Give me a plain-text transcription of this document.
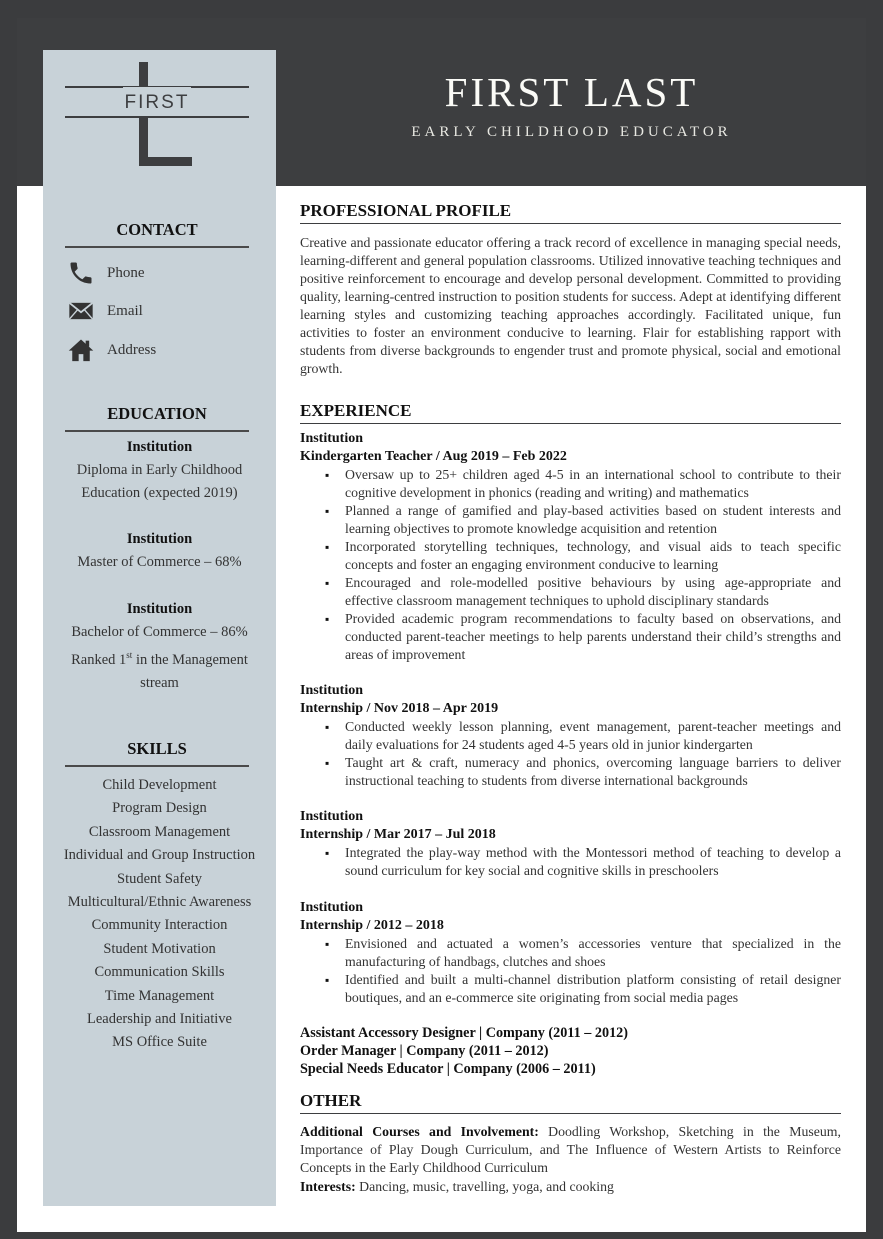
FIRST LAST
EARLY CHILDHOOD EDUCATOR
FIRST
CONTACT
Phone
Email
Address
EDUCATION
Institution
Diploma in Early Childhood
Education (expected 2019)
Institution
Master of Commerce – 68%
Institution
Bachelor of Commerce – 86%
Ranked 1st in the Management
stream
SKILLS
Child Development
Program Design
Classroom Management
Individual and Group Instruction
Student Safety
Multicultural/Ethnic Awareness
Community Interaction
Student Motivation
Communication Skills
Time Management
Leadership and Initiative
MS Office Suite
PROFESSIONAL PROFILE
Creative and passionate educator offering a track record of excellence in managing special needs, learning-different and general population classrooms. Utilized innovative teaching techniques and positive reinforcement to encourage and develop personal development. Committed to providing quality, learning-centred instruction to position students for success. Adept at identifying different learning styles and customizing teaching approaches accordingly. Facilitated unique, fun activities to foster an environment conducive to learning. Flair for establishing rapport with students from diverse backgrounds to engender trust and promote physical, social and emotional growth.
EXPERIENCE
Institution
Kindergarten Teacher / Aug 2019 – Feb 2022
▪ Oversaw up to 25+ children aged 4-5 in an international school to contribute to their cognitive development in phonics (reading and writing) and mathematics
▪ Planned a range of gamified and play-based activities based on student interests and learning objectives to promote knowledge acquisition and retention
▪ Incorporated storytelling techniques, technology, and visual aids to teach specific concepts and foster an engaging environment conducive to learning
▪ Encouraged and role-modelled positive behaviours by using age-appropriate and effective classroom management techniques to uphold disciplinary standards
▪ Provided academic program recommendations to faculty based on observations, and conducted parent-teacher meetings to help parents understand their child’s strengths and areas of improvement
Institution
Internship / Nov 2018 – Apr 2019
▪ Conducted weekly lesson planning, event management, parent-teacher meetings and daily evaluations for 24 students aged 4-5 years old in junior kindergarten
▪ Taught art & craft, numeracy and phonics, overcoming language barriers to deliver instructional teaching to students from diverse international backgrounds
Institution
Internship / Mar 2017 – Jul 2018
▪ Integrated the play-way method with the Montessori method of teaching to develop a sound curriculum for key social and cognitive skills in preschoolers
Institution
Internship / 2012 – 2018
▪ Envisioned and actuated a women’s accessories venture that specialized in the manufacturing of handbags, clutches and shoes
▪ Identified and built a multi-channel distribution platform consisting of retail designer boutiques, and an e-commerce site originating from social media pages
Assistant Accessory Designer | Company (2011 – 2012)
Order Manager | Company (2011 – 2012)
Special Needs Educator | Company (2006 – 2011)
OTHER
Additional Courses and Involvement: Doodling Workshop, Sketching in the Museum, Importance of Play Dough Curriculum, and The Influence of Western Artists to Reinforce Concepts in the Early Childhood Curriculum
Interests: Dancing, music, travelling, yoga, and cooking
